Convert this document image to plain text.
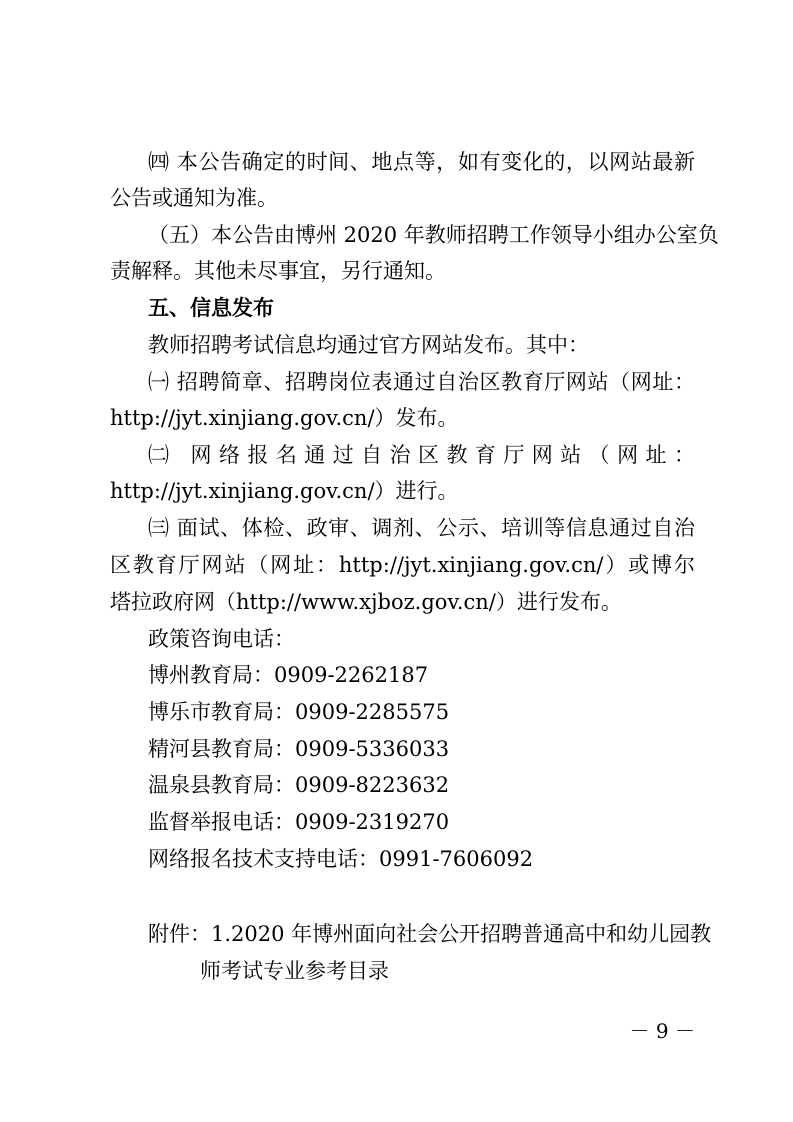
㈣ 本公告确定的时间、地点等，如有变化的，以网站最新
公告或通知为准。
（五）本公告由博州 2020 年教师招聘工作领导小组办公室负
责解释。其他未尽事宜，另行通知。
五、信息发布
教师招聘考试信息均通过官方网站发布。其中：
㈠ 招聘简章、招聘岗位表通过自治区教育厅网站（网址：
http://jyt.xinjiang.gov.cn/）发布。
㈡ 网络报名通过自治区教育厅网站（网址：
http://jyt.xinjiang.gov.cn/）进行。
㈢ 面试、体检、政审、调剂、公示、培训等信息通过自治
区教育厅网站（网址：http://jyt.xinjiang.gov.cn/）或博尔
塔拉政府网（http://www.xjboz.gov.cn/）进行发布。
政策咨询电话：
博州教育局：0909-2262187
博乐市教育局：0909-2285575
精河县教育局：0909-5336033
温泉县教育局：0909-8223632
监督举报电话：0909-2319270
网络报名技术支持电话：0991-7606092
附件：1.2020 年博州面向社会公开招聘普通高中和幼儿园教
师考试专业参考目录
－ 9 －
